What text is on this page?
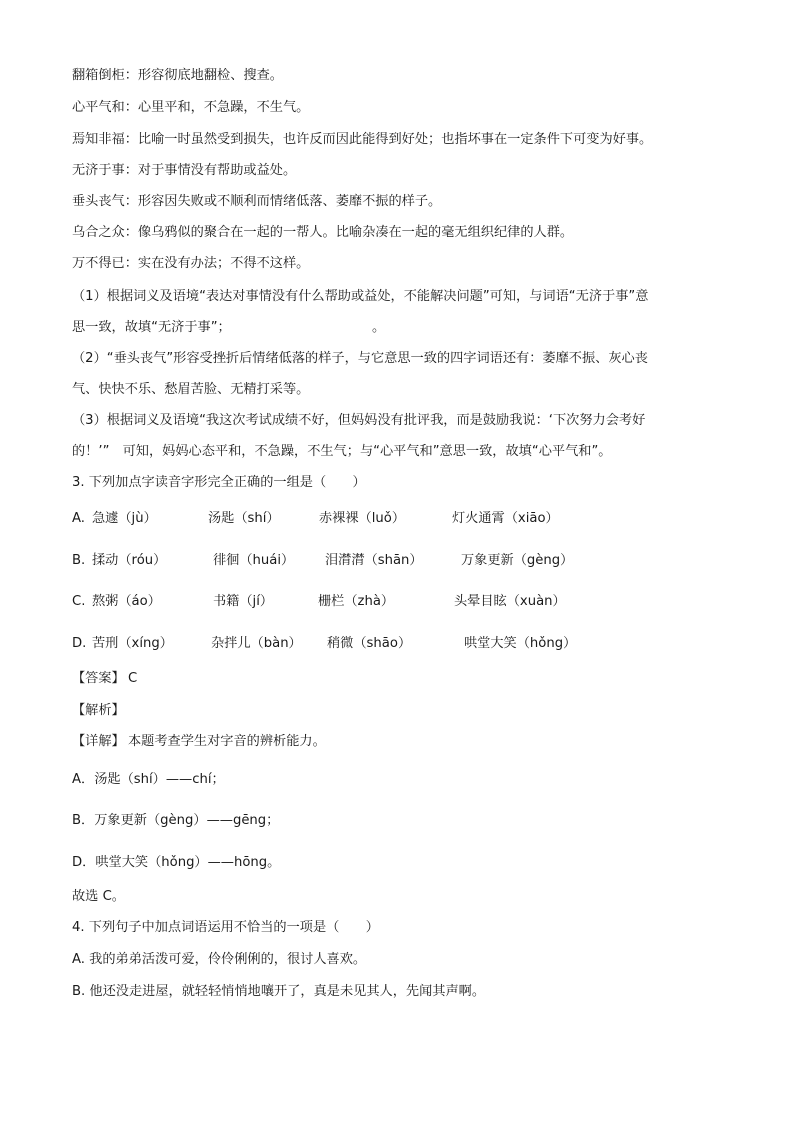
翻箱倒柜：形容彻底地翻检、搜查。
心平气和：心里平和，不急躁，不生气。
焉知非福：比喻一时虽然受到损失，也许反而因此能得到好处；也指坏事在一定条件下可变为好事。
无济于事：对于事情没有帮助或益处。
垂头丧气：形容因失败或不顺利而情绪低落、萎靡不振的样子。
乌合之众：像乌鸦似的聚合在一起的一帮人。比喻杂凑在一起的毫无组织纪律的人群。
万不得已：实在没有办法；不得不这样。
（1）根据词义及语境“表达对事情没有什么帮助或益处，不能解决问题”可知，与词语“无济于事”意
思一致，故填“无济于事”；	。
（2）“垂头丧气”形容受挫折后情绪低落的样子，与它意思一致的四字词语还有：萎靡不振、灰心丧
气、快快不乐、愁眉苦脸、无精打采等。
（3）根据词义及语境“我这次考试成绩不好，但妈妈没有批评我，而是鼓励我说：‘下次努力会考好
的！’”　可知，妈妈心态平和，不急躁，不生气；与“心平气和”意思一致，故填“心平气和”。
3. 下列加点字读音字形完全正确的一组是（　　）
A. 急遽（jù）	汤匙（shí）	赤裸裸（luǒ）	灯火通霄（xiāo）
B. 揉动（róu）	徘徊（huái） 泪潸潸（shān）	万象更新（gèng）
C. 熬粥（áo）	书籍（jí）	栅栏（zhà）	头晕目眩（xuàn）
D. 苦刑（xíng）	杂拌儿（bàn） 稍微（shāo）	哄堂大笑（hǒng）
【答案】 C
【解析】
【详解】 本题考查学生对字音的辨析能力。
A．汤匙（shí）——chí；
B．万象更新（gèng）——gēng；
D．哄堂大笑（hǒng）——hōng。
故选 C。
4. 下列句子中加点词语运用不恰当的一项是（　　）
A. 我的弟弟活泼可爱，伶伶俐俐的，很讨人喜欢。
B. 他还没走进屋，就轻轻悄悄地嚷开了，真是未见其人，先闻其声啊。
